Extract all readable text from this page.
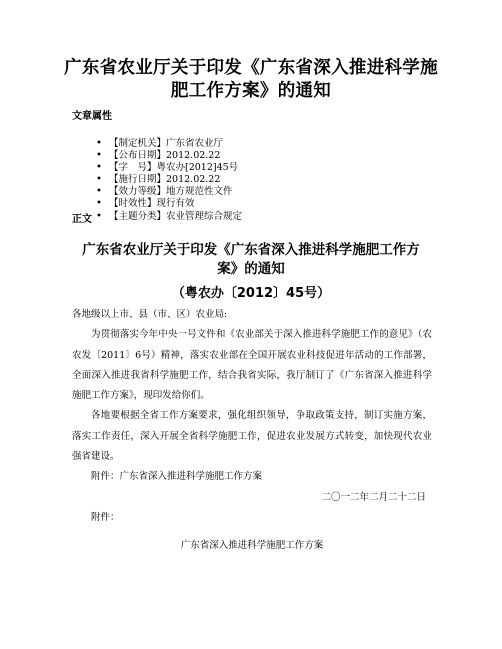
广东省农业厅关于印发《广东省深入推进科学施肥工作方案》的通知
文章属性
• 【制定机关】广东省农业厅
• 【公布日期】2012.02.22
• 【字　号】粤农办[2012]45号
• 【施行日期】2012.02.22
• 【效力等级】地方规范性文件
• 【时效性】现行有效
• 【主题分类】农业管理综合规定
正文
广东省农业厅关于印发《广东省深入推进科学施肥工作方案》的通知
（粤农办〔2012〕45号）

各地级以上市、县（市、区）农业局:

为贯彻落实今年中央一号文件和《农业部关于深入推进科学施肥工作的意见》（农农发〔2011〕6号）精神，落实农业部在全国开展农业科技促进年活动的工作部署，全面深入推进我省科学施肥工作，结合我省实际，我厅制订了《广东省深入推进科学施肥工作方案》，现印发给你们。

各地要根据全省工作方案要求，强化组织领导，争取政策支持，制订实施方案，落实工作责任，深入开展全省科学施肥工作，促进农业发展方式转变，加快现代农业强省建设。

附件：广东省深入推进科学施肥工作方案

二〇一二年二月二十二日

附件：

广东省深入推进科学施肥工作方案
